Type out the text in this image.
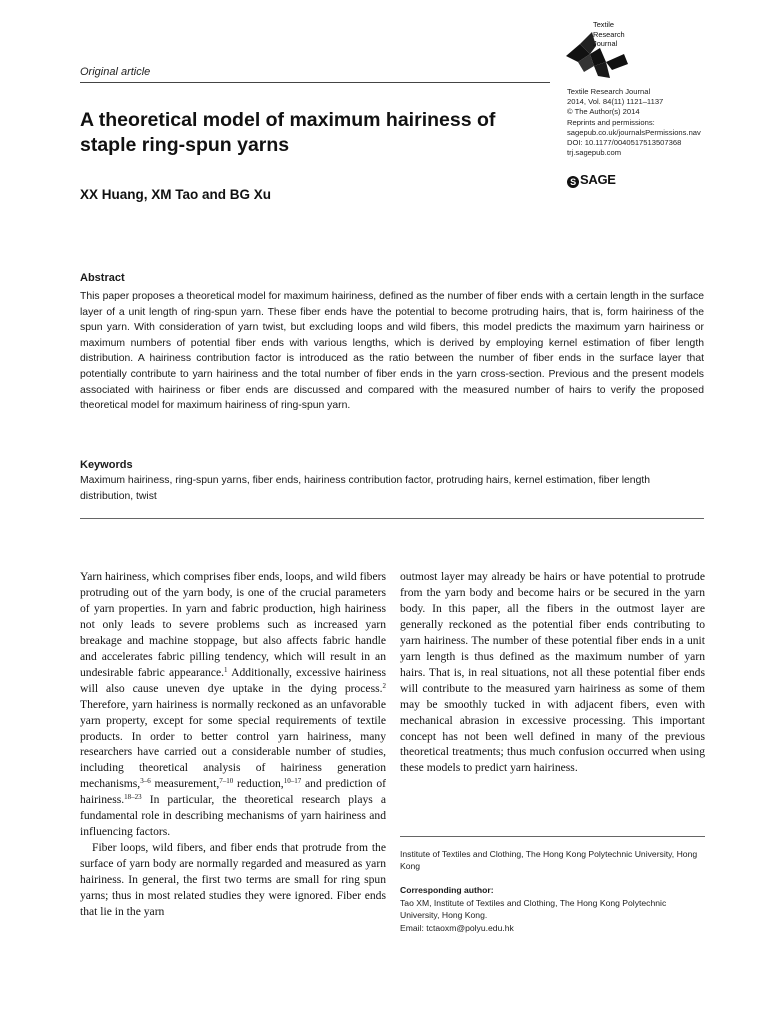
Textile
Research
Journal
Original article
A theoretical model of maximum hairiness of staple ring-spun yarns
XX Huang, XM Tao and BG Xu
Textile Research Journal
2014, Vol. 84(11) 1121–1137
© The Author(s) 2014
Reprints and permissions:
sagepub.co.uk/journalsPermissions.nav
DOI: 10.1177/0040517513507368
trj.sagepub.com
S SAGE
Abstract
This paper proposes a theoretical model for maximum hairiness, defined as the number of fiber ends with a certain length in the surface layer of a unit length of ring-spun yarn. These fiber ends have the potential to become protruding hairs, that is, form hairiness of the spun yarn. With consideration of yarn twist, but excluding loops and wild fibers, this model predicts the maximum yarn hairiness or maximum numbers of potential fiber ends with various lengths, which is derived by employing kernel estimation of fiber length distribution. A hairiness contribution factor is introduced as the ratio between the number of fiber ends in the surface layer that potentially contribute to yarn hairiness and the total number of fiber ends in the yarn cross-section. Previous and the present models associated with hairiness or fiber ends are discussed and compared with the measured number of hairs to verify the proposed theoretical model for maximum hairiness of ring-spun yarn.
Keywords
Maximum hairiness, ring-spun yarns, fiber ends, hairiness contribution factor, protruding hairs, kernel estimation, fiber length distribution, twist

Yarn hairiness, which comprises fiber ends, loops, and wild fibers protruding out of the yarn body, is one of the crucial parameters of yarn properties. In yarn and fabric production, high hairiness not only leads to severe problems such as increased yarn breakage and machine stoppage, but also affects fabric handle and accelerates fabric pilling tendency, which will result in an undesirable fabric appearance.$^1$ Additionally, excessive hairiness will also cause uneven dye uptake in the dying process.$^2$ Therefore, yarn hairiness is normally reckoned as an unfavorable yarn property, except for some special requirements of textile products. In order to better control yarn hairiness, many researchers have carried out a considerable number of studies, including theoretical analysis of hairiness generation mechanisms,$^{3-6}$ measurement,$^{7-10}$ reduction,$^{10-17}$ and prediction of hairiness.$^{18-23}$ In particular, the theoretical research plays a fundamental role in describing mechanisms of yarn hairiness and influencing factors.

Fiber loops, wild fibers, and fiber ends that protrude from the surface of yarn body are normally regarded and measured as yarn hairiness. In general, the first two terms are small for ring spun yarns; thus in most related studies they were ignored. Fiber ends that lie in the yarn

outmost layer may already be hairs or have potential to protrude from the yarn body and become hairs or be secured in the yarn body. In this paper, all the fibers in the outmost layer are generally reckoned as the potential fiber ends contributing to yarn hairiness. The number of these potential fiber ends in a unit yarn length is thus defined as the maximum number of yarn hairs. That is, in real situations, not all these potential fiber ends will contribute to the measured yarn hairiness as some of them may be smoothly tucked in with adjacent fibers, even with mechanical abrasion in excessive processing. This important concept has not been well defined in many of the previous theoretical treatments; thus much confusion occurred when using these models to predict yarn hairiness.

Institute of Textiles and Clothing, The Hong Kong Polytechnic University, Hong Kong
Corresponding author:
Tao XM, Institute of Textiles and Clothing, The Hong Kong Polytechnic University, Hong Kong.
Email: tctaoxm@polyu.edu.hk
